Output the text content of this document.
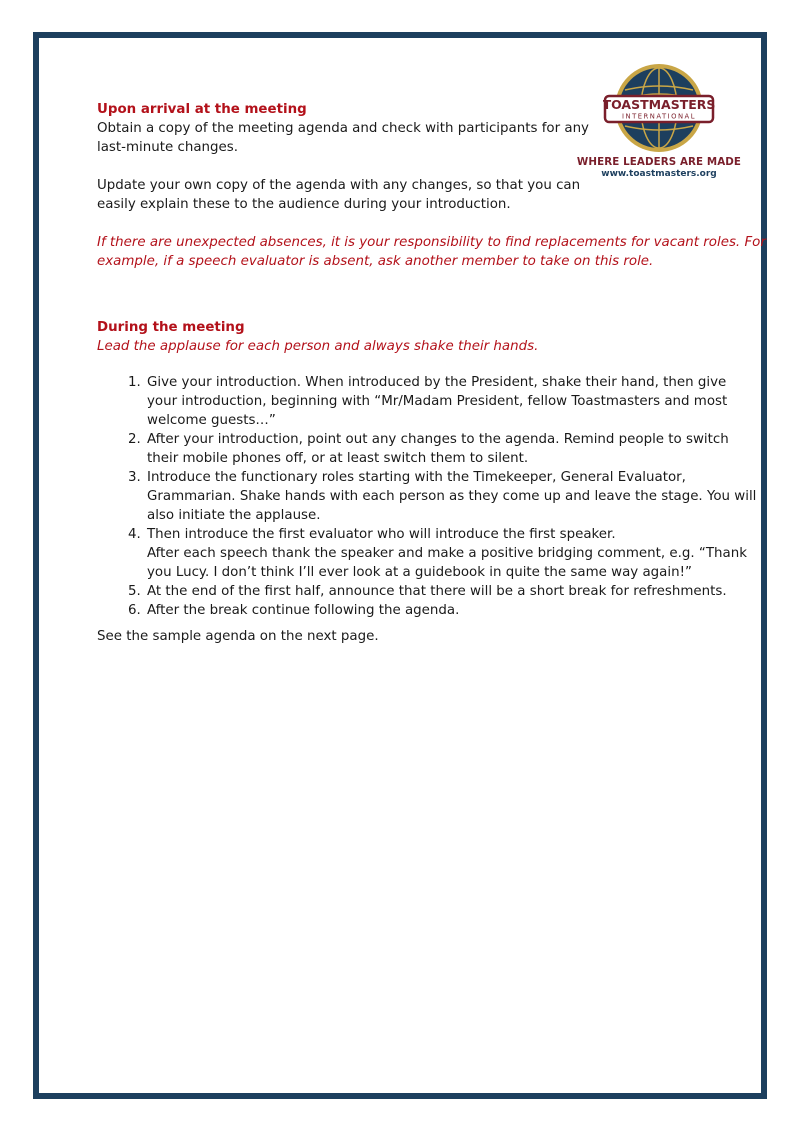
TOASTMASTERS
INTERNATIONAL
WHERE LEADERS ARE MADE
www.toastmasters.org
Upon arrival at the meeting
Obtain a copy of the meeting agenda and check with participants for any
last-minute changes.
Update your own copy of the agenda with any changes, so that you can
easily explain these to the audience during your introduction.
If there are unexpected absences, it is your responsibility to find replacements for vacant roles. For
example, if a speech evaluator is absent, ask another member to take on this role.
During the meeting
Lead the applause for each person and always shake their hands.
1. Give your introduction. When introduced by the President, shake their hand, then give
your introduction, beginning with “Mr/Madam President, fellow Toastmasters and most
welcome guests…”
2. After your introduction, point out any changes to the agenda. Remind people to switch
their mobile phones off, or at least switch them to silent.
3. Introduce the functionary roles starting with the Timekeeper, General Evaluator,
Grammarian. Shake hands with each person as they come up and leave the stage. You will
also initiate the applause.
4. Then introduce the first evaluator who will introduce the first speaker.
After each speech thank the speaker and make a positive bridging comment, e.g. “Thank
you Lucy. I don’t think I’ll ever look at a guidebook in quite the same way again!”
5. At the end of the first half, announce that there will be a short break for refreshments.
6. After the break continue following the agenda.
See the sample agenda on the next page.
